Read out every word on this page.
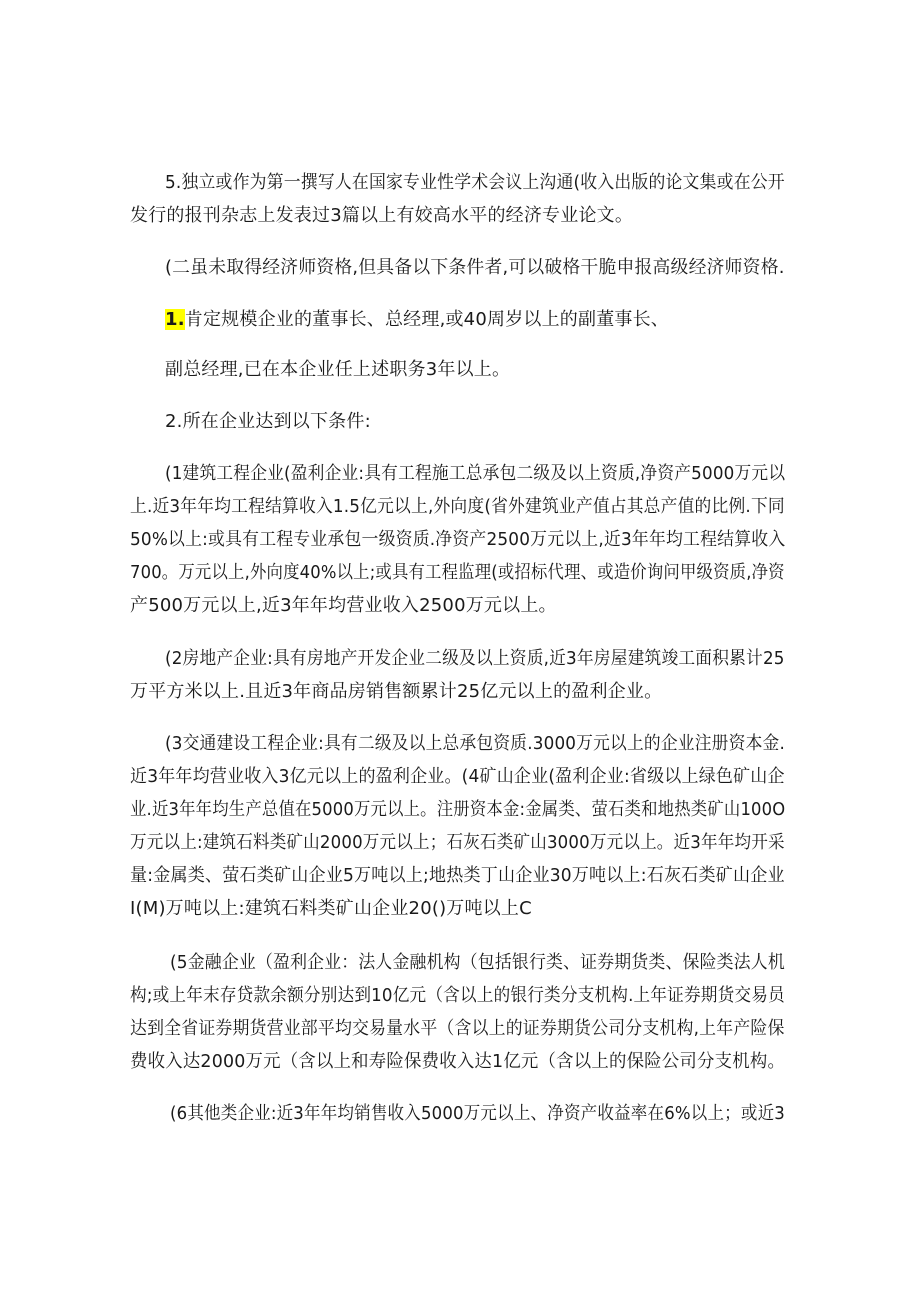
5.独立或作为第一撰写人在国家专业性学术会议上沟通(收入出版的论文集或在公开

发行的报刊杂志上发表过3篇以上有姣高水平的经济专业论文。

(二虽未取得经济师资格,但具备以下条件者,可以破格干脆申报高级经济师资格.

1.肯定规模企业的董事长、总经理,或40周岁以上的副董事长、

副总经理,已在本企业任上述职务3年以上。

2.所在企业达到以下条件:

(1建筑工程企业(盈利企业:具有工程施工总承包二级及以上资质,净资产5000万元以

上.近3年年均工程结算收入1.5亿元以上,外向度(省外建筑业产值占其总产值的比例.下同

50%以上:或具有工程专业承包一级资质.净资产2500万元以上,近3年年均工程结算收入

700。万元以上,外向度40%以上;或具有工程监理(或招标代理、或造价询问甲级资质,净资

产500万元以上,近3年年均营业收入2500万元以上。

(2房地产企业:具有房地产开发企业二级及以上资质,近3年房屋建筑竣工面积累计25

万平方米以上.且近3年商品房销售额累计25亿元以上的盈利企业。

(3交通建设工程企业:具有二级及以上总承包资质.3000万元以上的企业注册资本金.

近3年年均营业收入3亿元以上的盈利企业。(4矿山企业(盈利企业:省级以上绿色矿山企

业.近3年年均生产总值在5000万元以上。注册资本金:金属类、萤石类和地热类矿山100O

万元以上:建筑石料类矿山2000万元以上；石灰石类矿山3000万元以上。近3年年均开采

量:金属类、萤石类矿山企业5万吨以上;地热类丁山企业30万吨以上:石灰石类矿山企业

I(M)万吨以上:建筑石料类矿山企业20()万吨以上C

(5金融企业（盈利企业：法人金融机构（包括银行类、证券期货类、保险类法人机

构;或上年末存贷款余额分别达到10亿元（含以上的银行类分支机构.上年证券期货交易员

达到全省证券期货营业部平均交易量水平（含以上的证券期货公司分支机构,上年产险保

费收入达2000万元（含以上和寿险保费收入达1亿元（含以上的保险公司分支机构。

(6其他类企业:近3年年均销售收入5000万元以上、净资产收益率在6%以上；或近3
